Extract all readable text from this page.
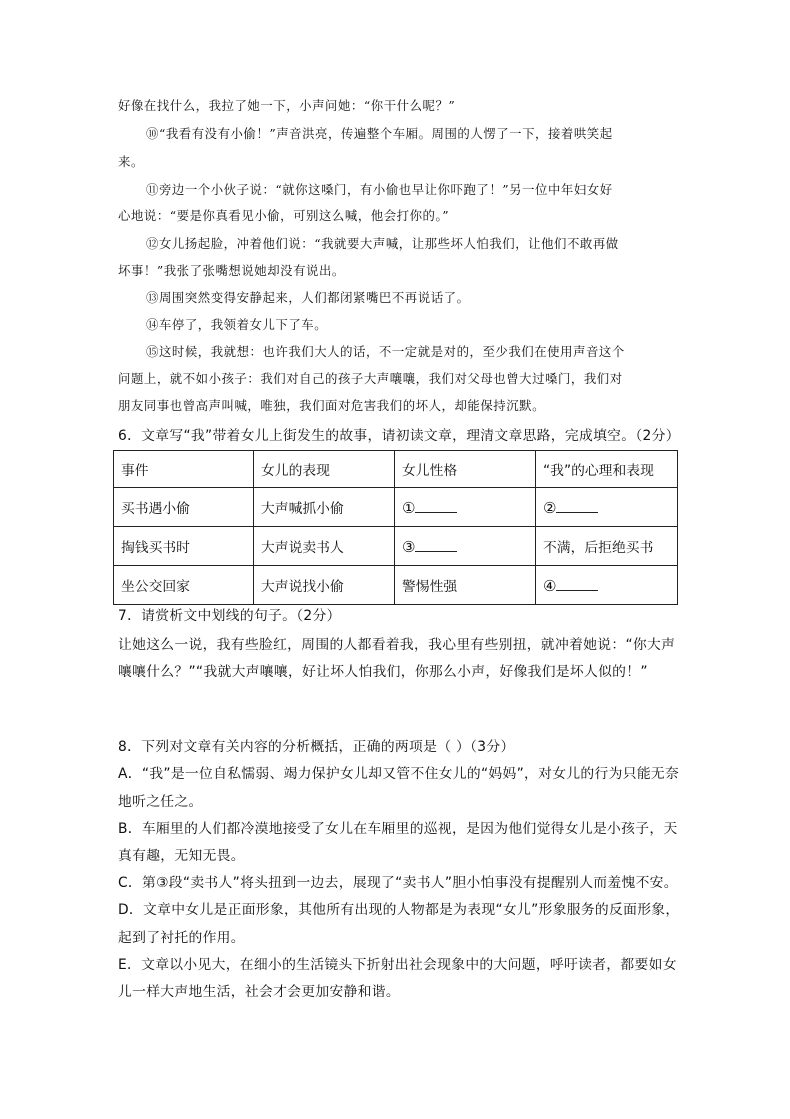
好像在找什么，我拉了她一下，小声问她：“你干什么呢？”

⑩“我看有没有小偷！”声音洪亮，传遍整个车厢。周围的人愣了一下，接着哄笑起

来。

⑪旁边一个小伙子说：“就你这嗓门，有小偷也早让你吓跑了！”另一位中年妇女好

心地说：“要是你真看见小偷，可别这么喊，他会打你的。”

⑫女儿扬起脸，冲着他们说：“我就要大声喊，让那些坏人怕我们，让他们不敢再做

坏事！”我张了张嘴想说她却没有说出。

⑬周围突然变得安静起来，人们都闭紧嘴巴不再说话了。

⑭车停了，我领着女儿下了车。

⑮这时候，我就想：也许我们大人的话，不一定就是对的，至少我们在使用声音这个

问题上，就不如小孩子：我们对自己的孩子大声嚷嚷，我们对父母也曾大过嗓门，我们对

朋友同事也曾高声叫喊，唯独，我们面对危害我们的坏人，却能保持沉默。

6．文章写“我”带着女儿上街发生的故事，请初读文章，理清文章思路，完成填空。（2分）

事件	女儿的表现	女儿性格	“我”的心理和表现
买书遇小偷	大声喊抓小偷	①	②
掏钱买书时	大声说卖书人	③	不满，后拒绝买书
坐公交回家	大声说找小偷	警惕性强	④

7．请赏析文中划线的句子。（2分）

让她这么一说，我有些脸红，周围的人都看着我，我心里有些别扭，就冲着她说：“你大声

嚷嚷什么？”“我就大声嚷嚷，好让坏人怕我们，你那么小声，好像我们是坏人似的！”

8．下列对文章有关内容的分析概括，正确的两项是（ ）（3分）

A．“我”是一位自私懦弱、竭力保护女儿却又管不住女儿的“妈妈”，对女儿的行为只能无奈

地听之任之。

B．车厢里的人们都冷漠地接受了女儿在车厢里的巡视，是因为他们觉得女儿是小孩子，天

真有趣，无知无畏。

C．第③段“卖书人”将头扭到一边去，展现了“卖书人”胆小怕事没有提醒别人而羞愧不安。

D．文章中女儿是正面形象，其他所有出现的人物都是为表现“女儿”形象服务的反面形象，

起到了衬托的作用。

E．文章以小见大，在细小的生活镜头下折射出社会现象中的大问题，呼吁读者，都要如女

儿一样大声地生活，社会才会更加安静和谐。
